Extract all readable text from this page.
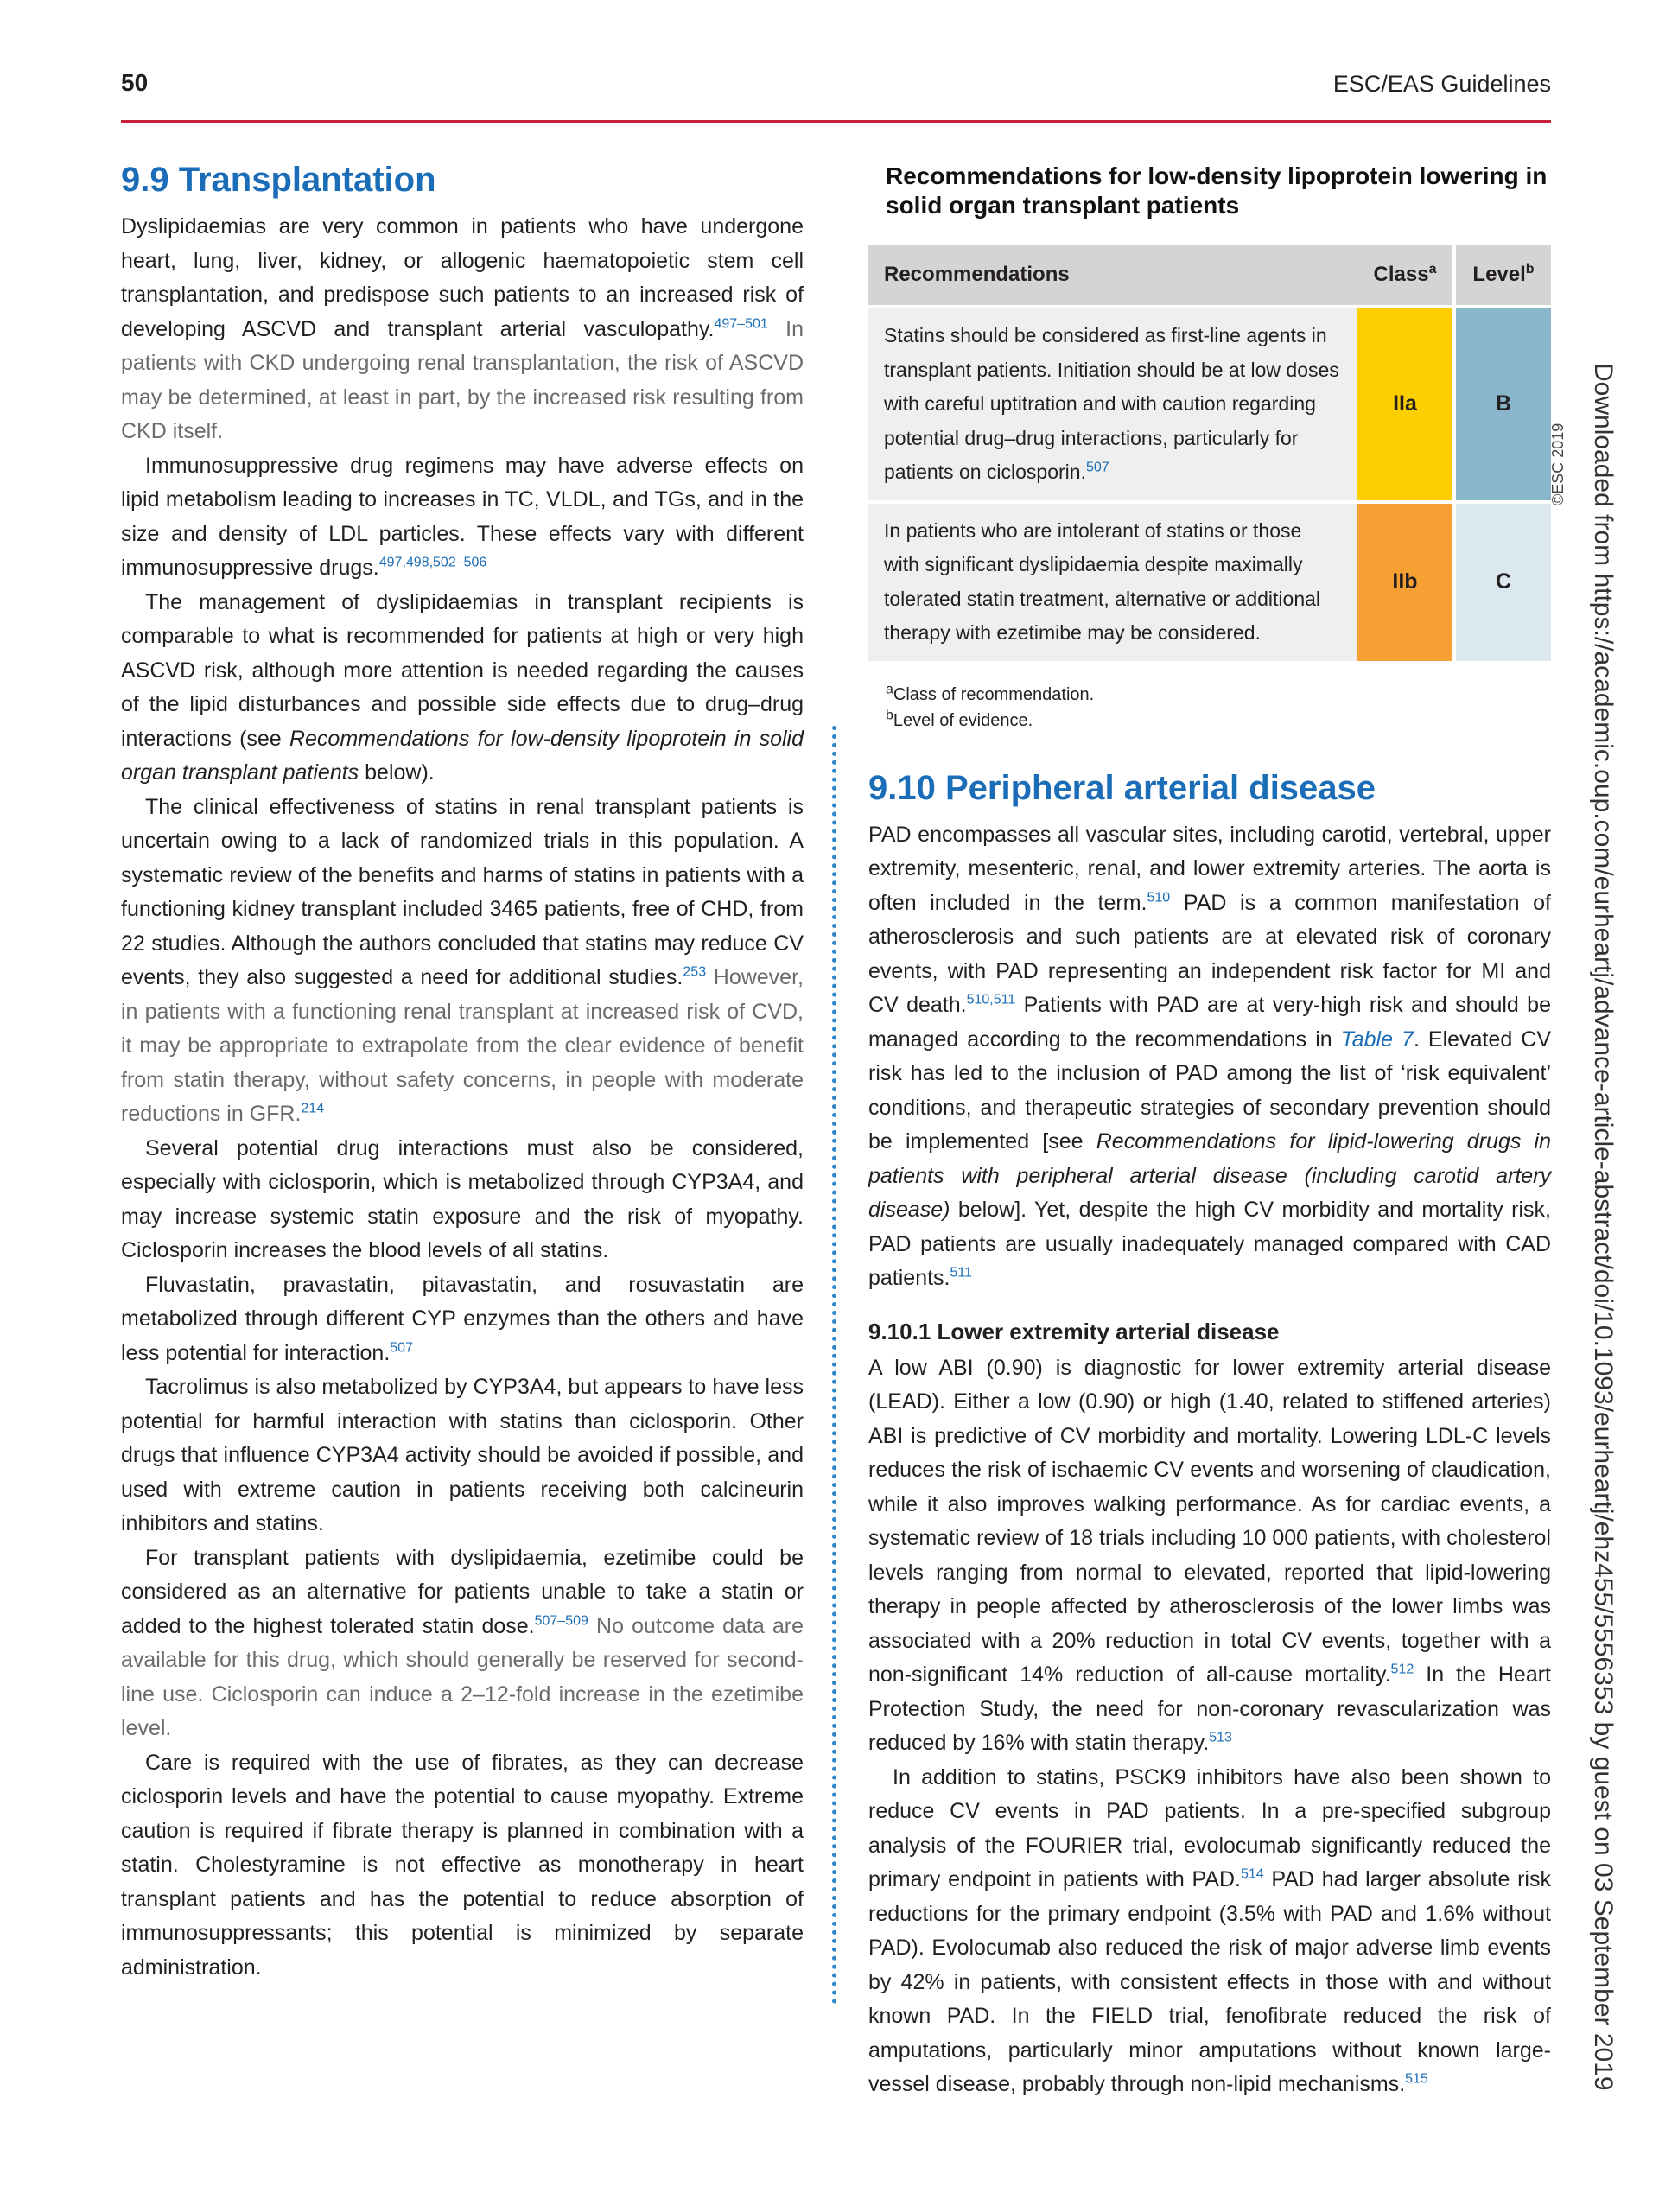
50	ESC/EAS Guidelines
9.9 Transplantation

Dyslipidaemias are very common in patients who have undergone heart, lung, liver, kidney, or allogenic haematopoietic stem cell transplantation, and predispose such patients to an increased risk of developing ASCVD and transplant arterial vasculopathy.$^{497-501}$ In patients with CKD undergoing renal transplantation, the risk of ASCVD may be determined, at least in part, by the increased risk resulting from CKD itself.

Immunosuppressive drug regimens may have adverse effects on lipid metabolism leading to increases in TC, VLDL, and TGs, and in the size and density of LDL particles. These effects vary with different immunosuppressive drugs.$^{497,498,502-506}$

The management of dyslipidaemias in transplant recipients is comparable to what is recommended for patients at high or very high ASCVD risk, although more attention is needed regarding the causes of the lipid disturbances and possible side effects due to drug–drug interactions (see Recommendations for low-density lipoprotein in solid organ transplant patients below).

The clinical effectiveness of statins in renal transplant patients is uncertain owing to a lack of randomized trials in this population. A systematic review of the benefits and harms of statins in patients with a functioning kidney transplant included 3465 patients, free of CHD, from 22 studies. Although the authors concluded that statins may reduce CV events, they also suggested a need for additional studies.$^{253}$ However, in patients with a functioning renal transplant at increased risk of CVD, it may be appropriate to extrapolate from the clear evidence of benefit from statin therapy, without safety concerns, in people with moderate reductions in GFR.$^{214}$

Several potential drug interactions must also be considered, especially with ciclosporin, which is metabolized through CYP3A4, and may increase systemic statin exposure and the risk of myopathy. Ciclosporin increases the blood levels of all statins.

Fluvastatin, pravastatin, pitavastatin, and rosuvastatin are metabolized through different CYP enzymes than the others and have less potential for interaction.$^{507}$

Tacrolimus is also metabolized by CYP3A4, but appears to have less potential for harmful interaction with statins than ciclosporin. Other drugs that influence CYP3A4 activity should be avoided if possible, and used with extreme caution in patients receiving both calcineurin inhibitors and statins.

For transplant patients with dyslipidaemia, ezetimibe could be considered as an alternative for patients unable to take a statin or added to the highest tolerated statin dose.$^{507-509}$ No outcome data are available for this drug, which should generally be reserved for second-line use. Ciclosporin can induce a 2–12-fold increase in the ezetimibe level.

Care is required with the use of fibrates, as they can decrease ciclosporin levels and have the potential to cause myopathy. Extreme caution is required if fibrate therapy is planned in combination with a statin. Cholestyramine is not effective as monotherapy in heart transplant patients and has the potential to reduce absorption of immunosuppressants; this potential is minimized by separate administration.

Recommendations for low-density lipoprotein lowering in solid organ transplant patients
Recommendations	Class$^a$	Level$^b$

Statins should be considered as first-line agents in transplant patients. Initiation should be at low doses with careful uptitration and with caution regarding potential drug–drug interactions, particularly for patients on ciclosporin.$^{507}$	IIa	B

In patients who are intolerant of statins or those with significant dyslipidaemia despite maximally tolerated statin treatment, alternative or additional therapy with ezetimibe may be considered.	IIb	C
$^a$Class of recommendation.
$^b$Level of evidence.
9.10 Peripheral arterial disease

PAD encompasses all vascular sites, including carotid, vertebral, upper extremity, mesenteric, renal, and lower extremity arteries. The aorta is often included in the term.$^{510}$ PAD is a common manifestation of atherosclerosis and such patients are at elevated risk of coronary events, with PAD representing an independent risk factor for MI and CV death.$^{510,511}$ Patients with PAD are at very-high risk and should be managed according to the recommendations in Table 7. Elevated CV risk has led to the inclusion of PAD among the list of ‘risk equivalent’ conditions, and therapeutic strategies of secondary prevention should be implemented [see Recommendations for lipid-lowering drugs in patients with peripheral arterial disease (including carotid artery disease) below]. Yet, despite the high CV morbidity and mortality risk, PAD patients are usually inadequately managed compared with CAD patients.$^{511}$

9.10.1 Lower extremity arterial disease

A low ABI (0.90) is diagnostic for lower extremity arterial disease (LEAD). Either a low (0.90) or high (1.40, related to stiffened arteries) ABI is predictive of CV morbidity and mortality. Lowering LDL-C levels reduces the risk of ischaemic CV events and worsening of claudication, while it also improves walking performance. As for cardiac events, a systematic review of 18 trials including 10 000 patients, with cholesterol levels ranging from normal to elevated, reported that lipid-lowering therapy in people affected by atherosclerosis of the lower limbs was associated with a 20% reduction in total CV events, together with a non-significant 14% reduction of all-cause mortality.$^{512}$ In the Heart Protection Study, the need for non-coronary revascularization was reduced by 16% with statin therapy.$^{513}$

In addition to statins, PSCK9 inhibitors have also been shown to reduce CV events in PAD patients. In a pre-specified subgroup analysis of the FOURIER trial, evolocumab significantly reduced the primary endpoint in patients with PAD.$^{514}$ PAD had larger absolute risk reductions for the primary endpoint (3.5% with PAD and 1.6% without PAD). Evolocumab also reduced the risk of major adverse limb events by 42% in patients, with consistent effects in those with and without known PAD. In the FIELD trial, fenofibrate reduced the risk of amputations, particularly minor amputations without known large-vessel disease, probably through non-lipid mechanisms.$^{515}$

©ESC 2019 Downloaded from https://academic.oup.com/eurheartj/advance-article-abstract/doi/10.1093/eurheartj/ehz455/5556353 by guest on 03 September 2019
